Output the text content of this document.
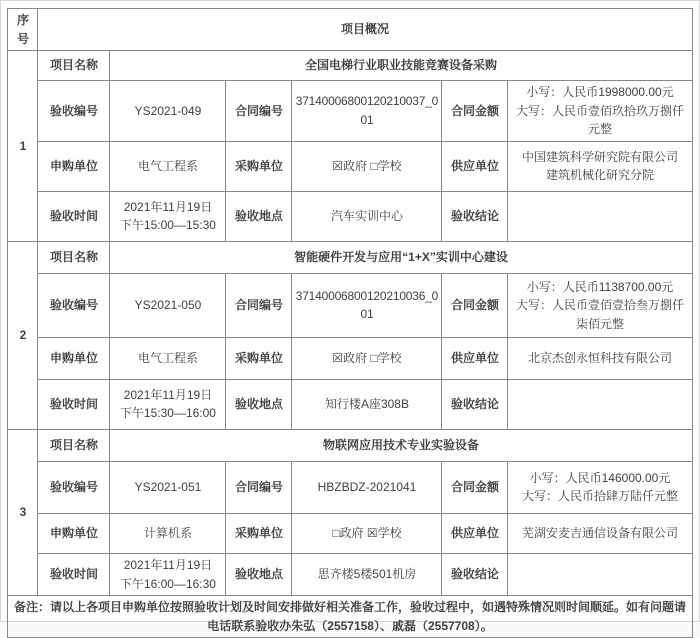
序号	项目概况					
1	项目名称	全国电梯行业职业技能竞赛设备采购				
	验收编号	YS2021-049	合同编号	37140006800120210037_001	合同金额	小写：人民币1998000.00元
大写：人民币壹佰玖拾玖万捌仟元整

	申购单位	电气工程系	采购单位	☒政府 □学校	供应单位	中国建筑科学研究院有限公司
建筑机械化研究分院

	验收时间	2021年11月19日
下午15:00—15:30	验收地点	汽车实训中心	验收结论	
2	项目名称	智能硬件开发与应用“1+X”实训中心建设				
	验收编号	YS2021-050	合同编号	37140006800120210036_001	合同金额	小写：人民币1138700.00元
大写：人民币壹佰壹拾叁万捌仟柒佰元整

	申购单位	电气工程系	采购单位	☒政府 □学校	供应单位	北京杰创永恒科技有限公司
	验收时间	2021年11月19日
下午15:30—16:00	验收地点	知行楼A座308B	验收结论	
3	项目名称	物联网应用技术专业实验设备				
	验收编号	YS2021-051	合同编号	HBZBDZ-2021041	合同金额	小写：人民币146000.00元
大写：人民币拾肆万陆仟元整

	申购单位	计算机系	采购单位	□政府 ☒学校	供应单位	芜湖安麦吉通信设备有限公司
	验收时间	2021年11月19日
下午16:00—16:30	验收地点	思齐楼5楼501机房	验收结论	
备注：请以上各项目申购单位按照验收计划及时间安排做好相关准备工作，验收过程中，如遇特殊情况则时间顺延。如有问题请电话联系验收办朱弘（2557158）、戚磊（2557708）。						
